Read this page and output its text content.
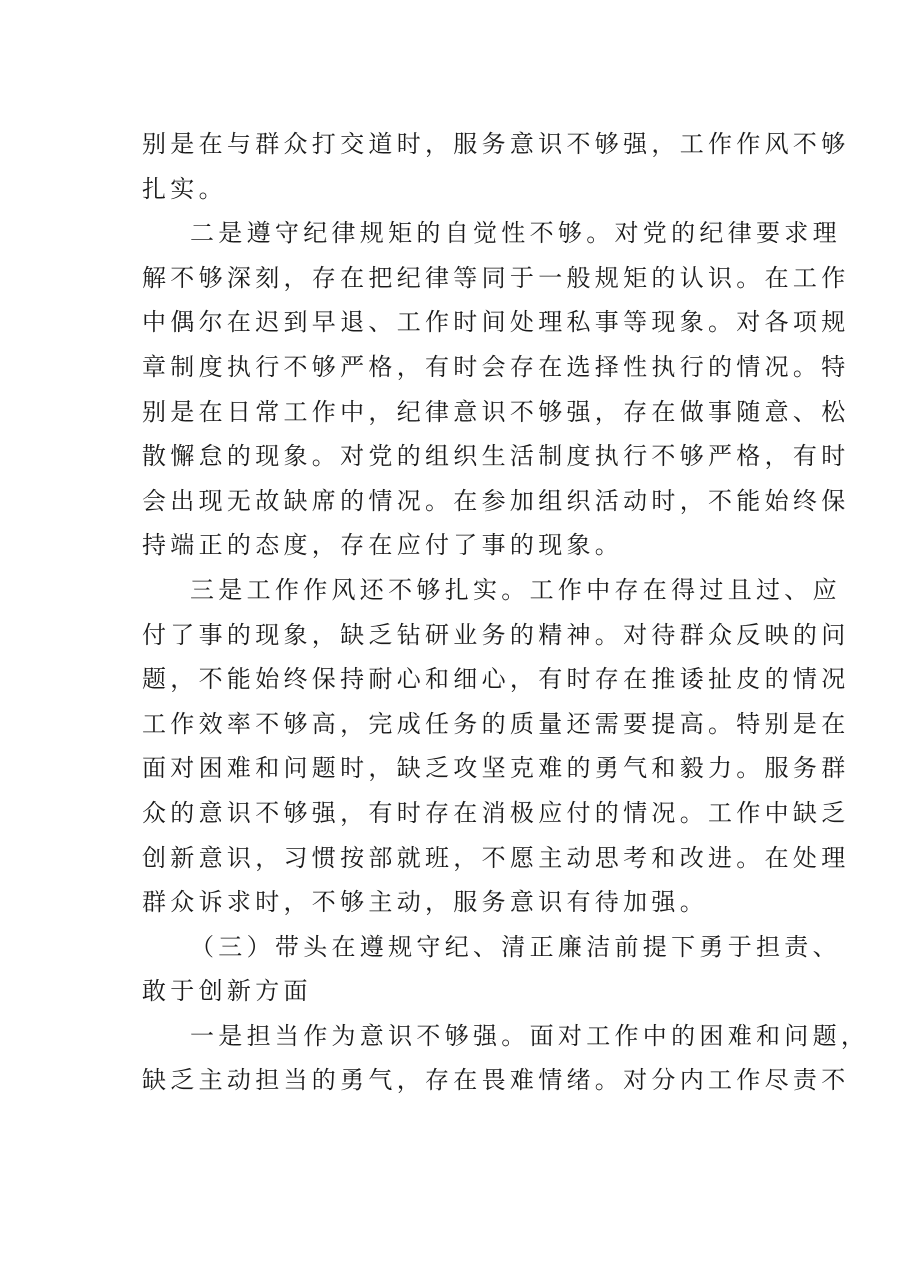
别是在与群众打交道时，服务意识不够强，工作作风不够
扎实。
二是遵守纪律规矩的自觉性不够。对党的纪律要求理
解不够深刻，存在把纪律等同于一般规矩的认识。在工作
中偶尔在迟到早退、工作时间处理私事等现象。对各项规
章制度执行不够严格，有时会存在选择性执行的情况。特
别是在日常工作中，纪律意识不够强，存在做事随意、松
散懈怠的现象。对党的组织生活制度执行不够严格，有时
会出现无故缺席的情况。在参加组织活动时，不能始终保
持端正的态度，存在应付了事的现象。
三是工作作风还不够扎实。工作中存在得过且过、应
付了事的现象，缺乏钻研业务的精神。对待群众反映的问
题，不能始终保持耐心和细心，有时存在推诿扯皮的情况
工作效率不够高，完成任务的质量还需要提高。特别是在
面对困难和问题时，缺乏攻坚克难的勇气和毅力。服务群
众的意识不够强，有时存在消极应付的情况。工作中缺乏
创新意识，习惯按部就班，不愿主动思考和改进。在处理
群众诉求时，不够主动，服务意识有待加强。
（三）带头在遵规守纪、清正廉洁前提下勇于担责、
敢于创新方面
一是担当作为意识不够强。面对工作中的困难和问题，
缺乏主动担当的勇气，存在畏难情绪。对分内工作尽责不
